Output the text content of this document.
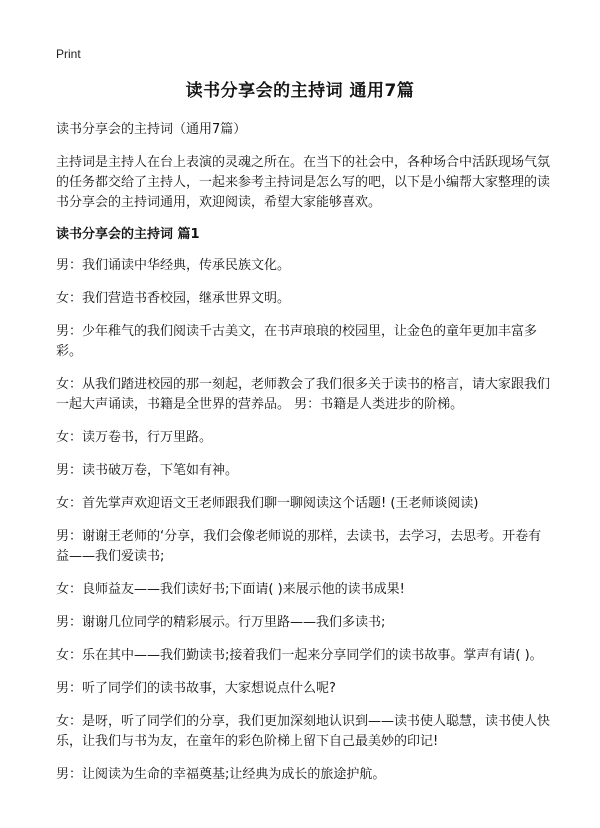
Print
读书分享会的主持词 通用7篇

读书分享会的主持词（通用7篇）

主持词是主持人在台上表演的灵魂之所在。在当下的社会中，各种场合中活跃现场气氛的任务都交给了主持人，一起来参考主持词是怎么写的吧，以下是小编帮大家整理的读书分享会的主持词通用，欢迎阅读，希望大家能够喜欢。

读书分享会的主持词 篇1

男：我们诵读中华经典，传承民族文化。

女：我们营造书香校园，继承世界文明。

男：少年稚气的我们阅读千古美文，在书声琅琅的校园里，让金色的童年更加丰富多彩。

女：从我们踏进校园的那一刻起，老师教会了我们很多关于读书的格言，请大家跟我们一起大声诵读，书籍是全世界的营养品。 男：书籍是人类进步的阶梯。

女：读万卷书，行万里路。

男：读书破万卷，下笔如有神。

女：首先掌声欢迎语文王老师跟我们聊一聊阅读这个话题! (王老师谈阅读)

男：谢谢王老师的‘分享，我们会像老师说的那样，去读书，去学习，去思考。开卷有益——我们爱读书;

女：良师益友——我们读好书;下面请( )来展示他的读书成果!

男：谢谢几位同学的精彩展示。行万里路——我们多读书;

女：乐在其中——我们勤读书;接着我们一起来分享同学们的读书故事。掌声有请( )。

男：听了同学们的读书故事，大家想说点什么呢?

女：是呀，听了同学们的分享，我们更加深刻地认识到——读书使人聪慧，读书使人快乐，让我们与书为友，在童年的彩色阶梯上留下自己最美妙的印记!

男：让阅读为生命的幸福奠基;让经典为成长的旅途护航。
